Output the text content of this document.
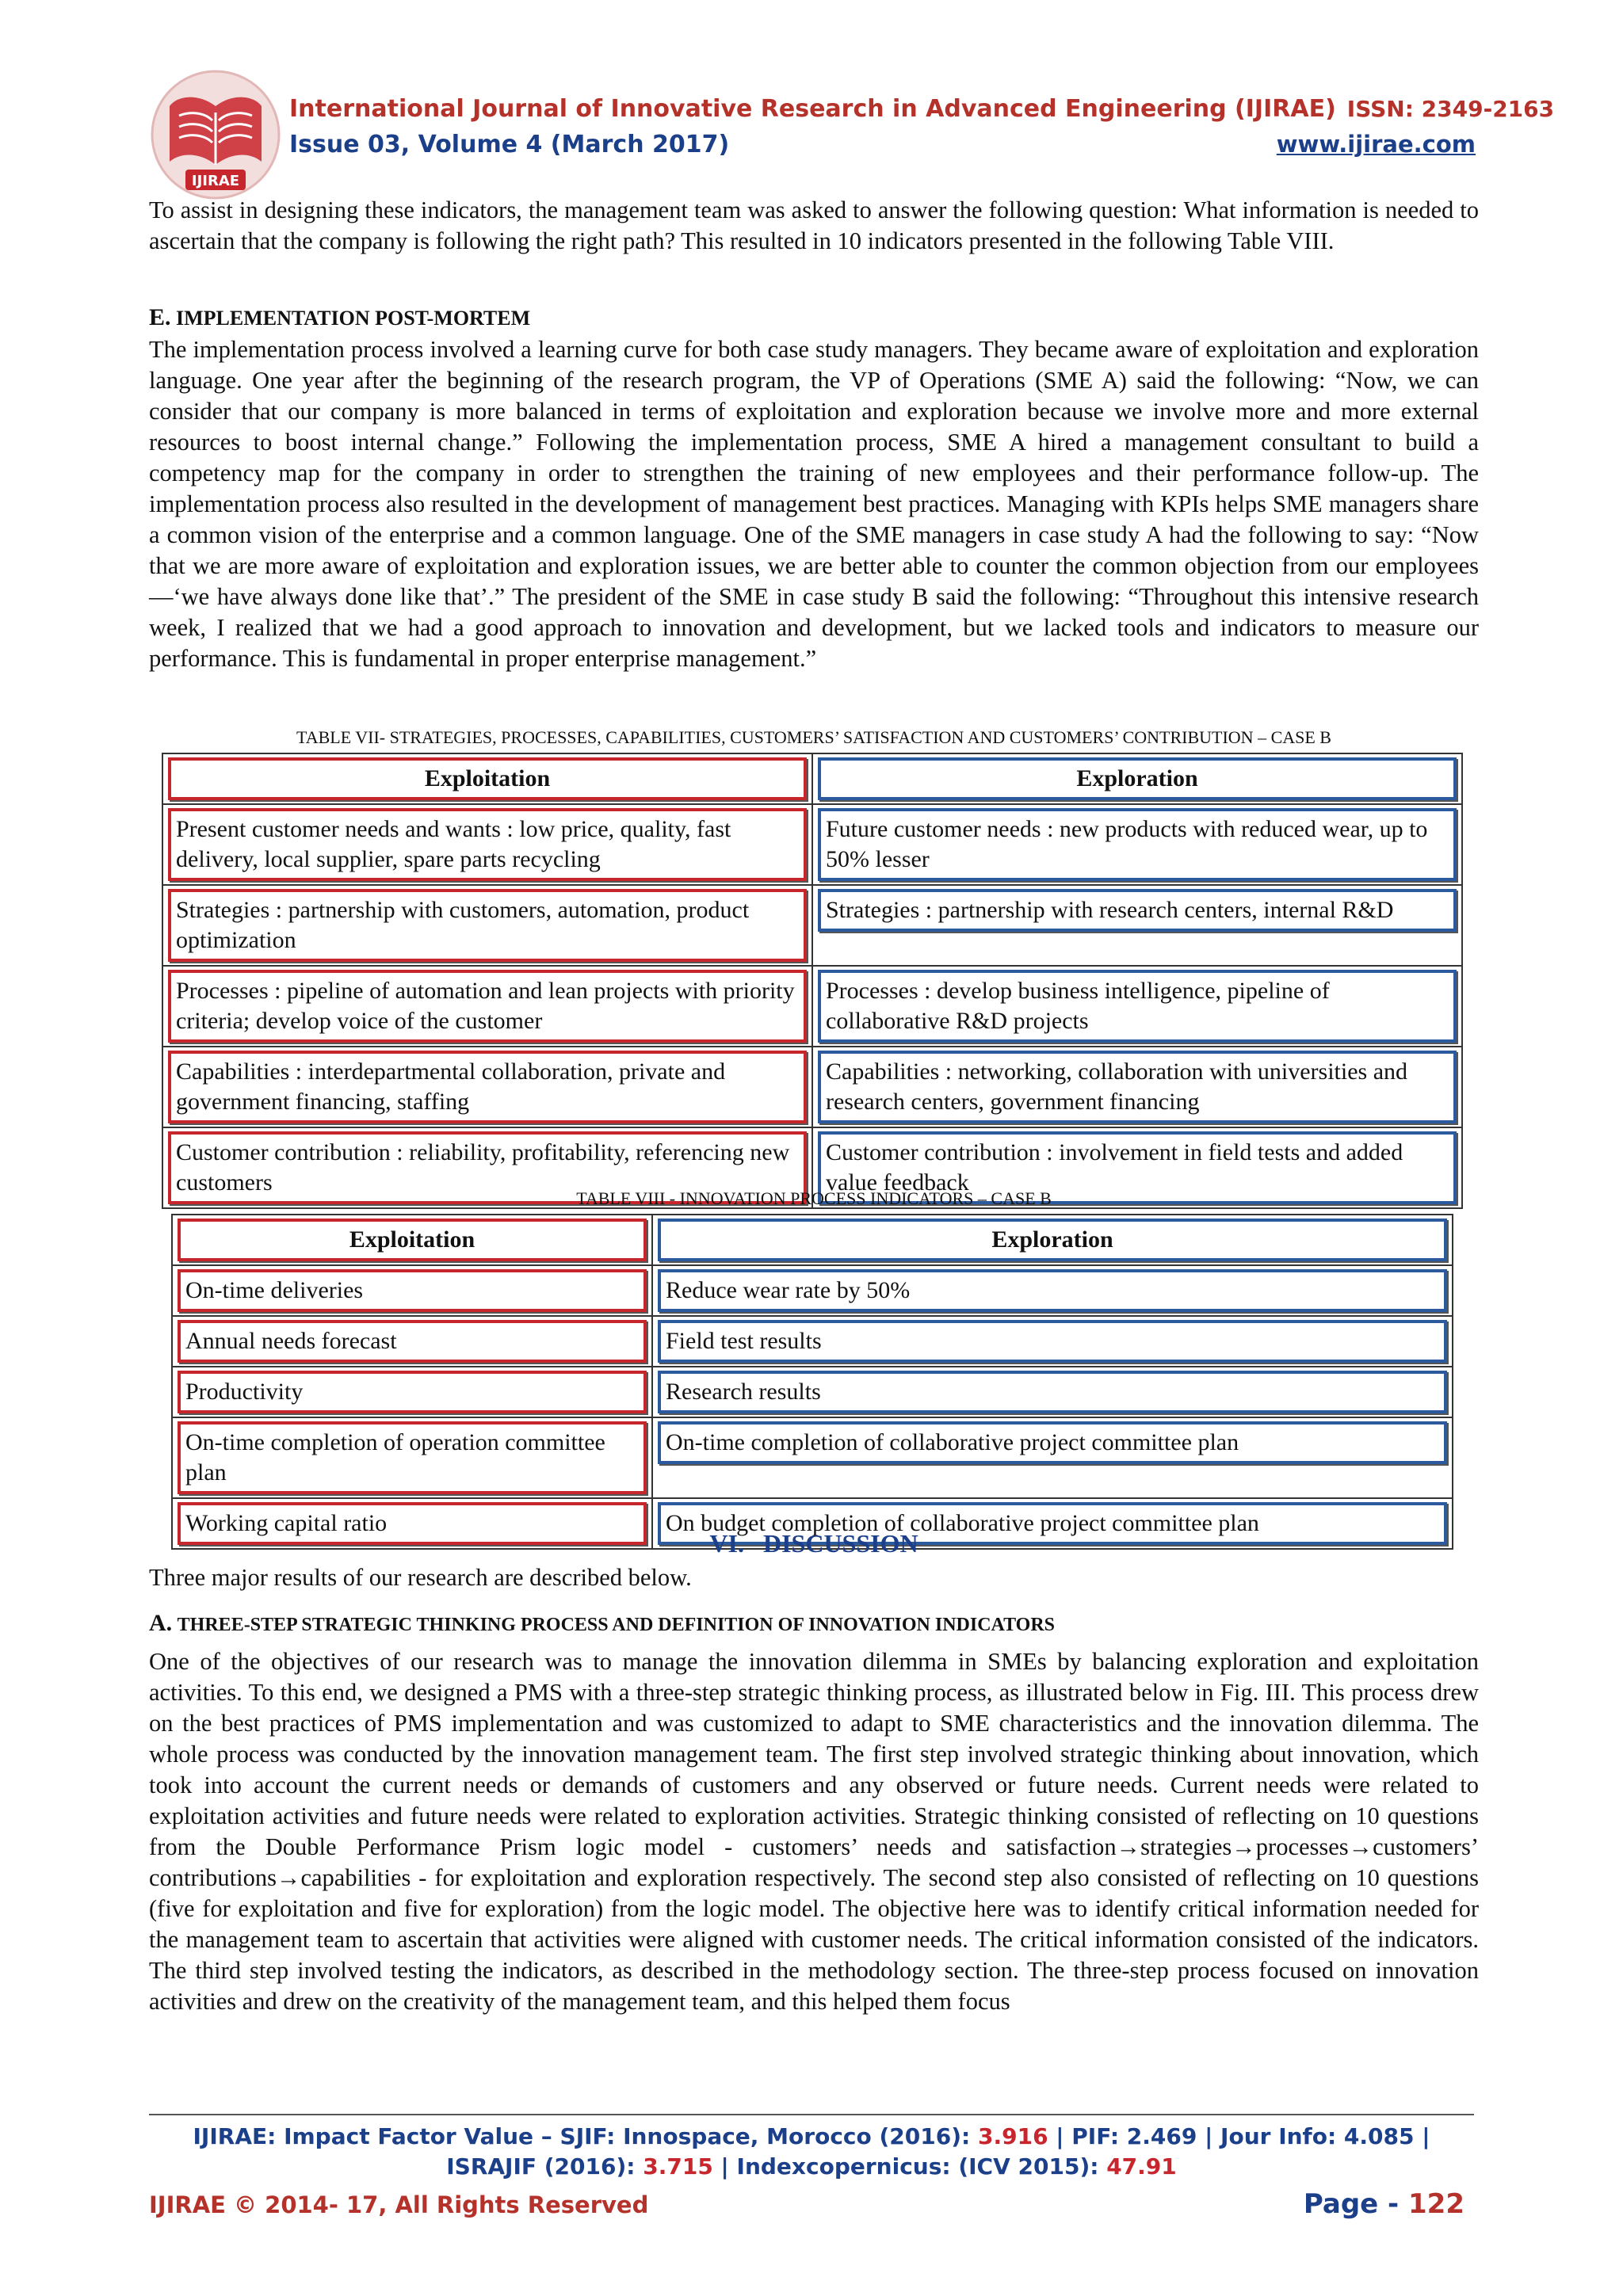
IJIRAE
International Journal of Innovative Research in Advanced Engineering (IJIRAE) ISSN: 2349-2163
Issue 03, Volume 4 (March 2017)	www.ijirae.com
To assist in designing these indicators, the management team was asked to answer the following question: What information is needed to ascertain that the company is following the right path? This resulted in 10 indicators presented in the following Table VIII.
E. IMPLEMENTATION POST-MORTEM
The implementation process involved a learning curve for both case study managers. They became aware of exploitation and exploration language. One year after the beginning of the research program, the VP of Operations (SME A) said the following: “Now, we can consider that our company is more balanced in terms of exploitation and exploration because we involve more and more external resources to boost internal change.” Following the implementation process, SME A hired a management consultant to build a competency map for the company in order to strengthen the training of new employees and their performance follow-up. The implementation process also resulted in the development of management best practices. Managing with KPIs helps SME managers share a common vision of the enterprise and a common language. One of the SME managers in case study A had the following to say: “Now that we are more aware of exploitation and exploration issues, we are better able to counter the common objection from our employees—‘we have always done like that’.” The president of the SME in case study B said the following: “Throughout this intensive research week, I realized that we had a good approach to innovation and development, but we lacked tools and indicators to measure our performance. This is fundamental in proper enterprise management.”
TABLE VII- STRATEGIES, PROCESSES, CAPABILITIES, CUSTOMERS’ SATISFACTION AND CUSTOMERS’ CONTRIBUTION – CASE B
Exploitation	Exploration

Present customer needs and wants : low price, quality, fast delivery, local supplier, spare parts recycling	Future customer needs : new products with reduced wear, up to 50% lesser

Strategies : partnership with customers, automation, product optimization	Strategies : partnership with research centers, internal R&D

Processes : pipeline of automation and lean projects with priority criteria; develop voice of the customer	Processes : develop business intelligence, pipeline of collaborative R&D projects

Capabilities : interdepartmental collaboration, private and government financing, staffing	Capabilities : networking, collaboration with universities and research centers, government financing

Customer contribution : reliability, profitability, referencing new customers	Customer contribution : involvement in field tests and added value feedback
TABLE VIII - INNOVATION PROCESS INDICATORS – CASE B
Exploitation	Exploration

On-time deliveries	Reduce wear rate by 50%

Annual needs forecast	Field test results

Productivity	Research results

On-time completion of operation committee plan	On-time completion of collaborative project committee plan

Working capital ratio	On budget completion of collaborative project committee plan
VI.   DISCUSSION
Three major results of our research are described below.
A. THREE-STEP STRATEGIC THINKING PROCESS AND DEFINITION OF INNOVATION INDICATORS
One of the objectives of our research was to manage the innovation dilemma in SMEs by balancing exploration and exploitation activities. To this end, we designed a PMS with a three-step strategic thinking process, as illustrated below in Fig. III. This process drew on the best practices of PMS implementation and was customized to adapt to SME characteristics and the innovation dilemma. The whole process was conducted by the innovation management team. The first step involved strategic thinking about innovation, which took into account the current needs or demands of customers and any observed or future needs. Current needs were related to exploitation activities and future needs were related to exploration activities. Strategic thinking consisted of reflecting on 10 questions from the Double Performance Prism logic model - customers’ needs and satisfaction→strategies→processes→customers’ contributions→capabilities - for exploitation and exploration respectively. The second step also consisted of reflecting on 10 questions (five for exploitation and five for exploration) from the logic model. The objective here was to identify critical information needed for the management team to ascertain that activities were aligned with customer needs. The critical information consisted of the indicators. The third step involved testing the indicators, as described in the methodology section. The three-step process focused on innovation activities and drew on the creativity of the management team, and this helped them focus
IJIRAE: Impact Factor Value – SJIF: Innospace, Morocco (2016): 3.916 | PIF: 2.469 | Jour Info: 4.085 |
ISRAJIF (2016): 3.715 | Indexcopernicus: (ICV 2015): 47.91
IJIRAE © 2014- 17, All Rights Reserved	Page - 122
